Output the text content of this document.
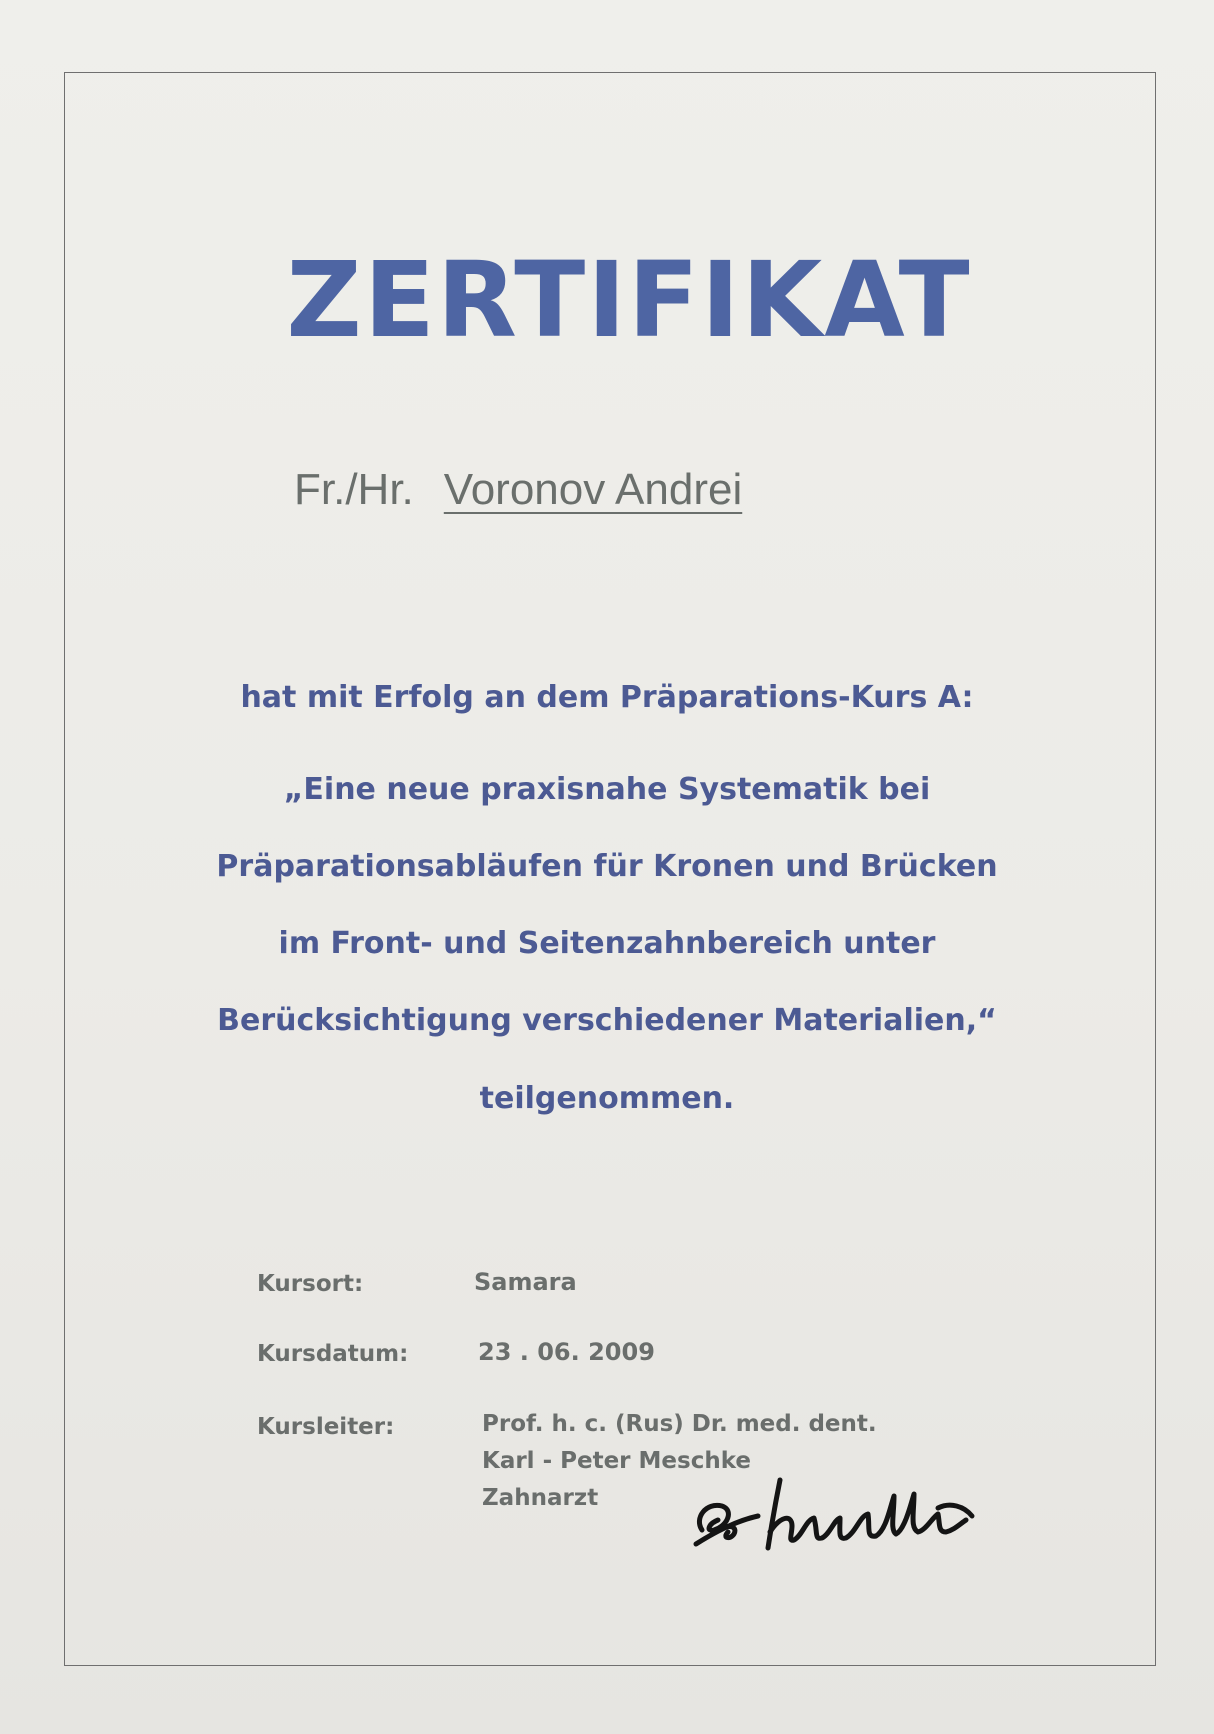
ZERTIFIKAT
Fr./Hr. Voronov Andrei
hat mit Erfolg an dem Präparations-Kurs A:
„Eine neue praxisnahe Systematik bei
Präparationsabläufen für Kronen und Brücken
im Front- und Seitenzahnbereich unter
Berücksichtigung verschiedener Materialien,“
teilgenommen.
Kursort:	Samara
Kursdatum:	23 . 06. 2009
Kursleiter:	Prof. h. c. (Rus) Dr. med. dent.
Karl - Peter Meschke
Zahnarzt
